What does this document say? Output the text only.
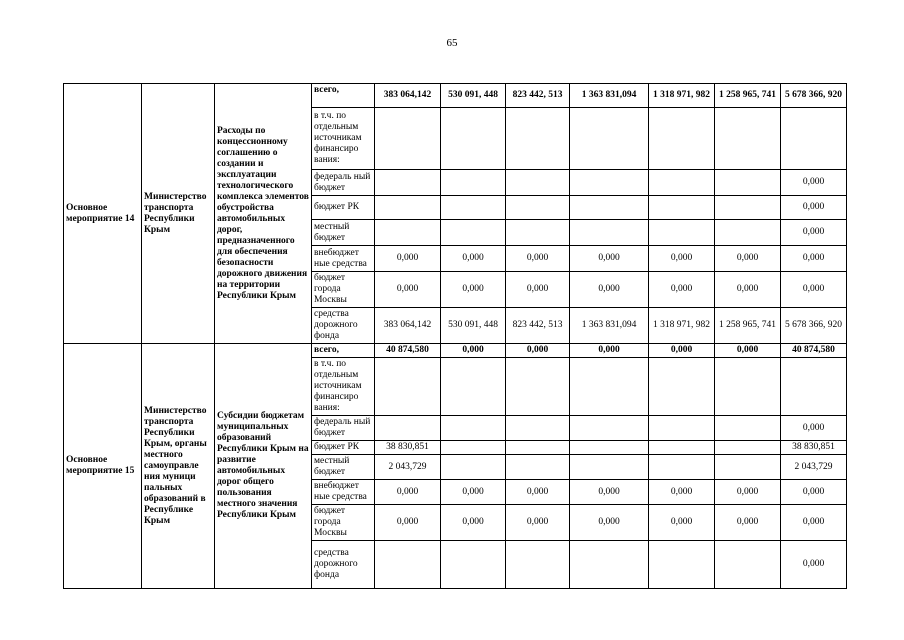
65
Основное мероприятие 14	Министерство транспорта Республики Крым	Расходы по концессионному соглашению о создании и эксплуатации технологического комплекса элементов обустройства автомобильных дорог, предназначенного для обеспечения безопасности дорожного движения на территории Республики Крым	всего,	383 064,142	530 091, 448	823 442, 513	1 363 831,094	1 318 971, 982	1 258 965, 741	5 678 366, 920
			в т.ч. по отдельным источникам финансиро вания:							
			федераль ный бюджет							0,000
			бюджет РК							0,000
			местный бюджет							0,000
			внебюджет ные средства	0,000	0,000	0,000	0,000	0,000	0,000	0,000
			бюджет города Москвы	0,000	0,000	0,000	0,000	0,000	0,000	0,000
			средства дорожного фонда	383 064,142	530 091, 448	823 442, 513	1 363 831,094	1 318 971, 982	1 258 965, 741	5 678 366, 920
Основное мероприятие 15	Министерство транспорта Республики Крым, органы местного самоуправле ния муници пальных образований в Республике Крым	Субсидии бюджетам муниципальных образований Республики Крым на развитие автомобильных дорог общего пользования местного значения Республики Крым	всего,	40 874,580	0,000	0,000	0,000	0,000	0,000	40 874,580
			в т.ч. по отдельным источникам финансиро вания:							
			федераль ный бюджет							0,000
			бюджет РК	38 830,851						38 830,851
			местный бюджет	2 043,729						2 043,729
			внебюджет ные средства	0,000	0,000	0,000	0,000	0,000	0,000	0,000
			бюджет города Москвы	0,000	0,000	0,000	0,000	0,000	0,000	0,000
			средства дорожного фонда							0,000
